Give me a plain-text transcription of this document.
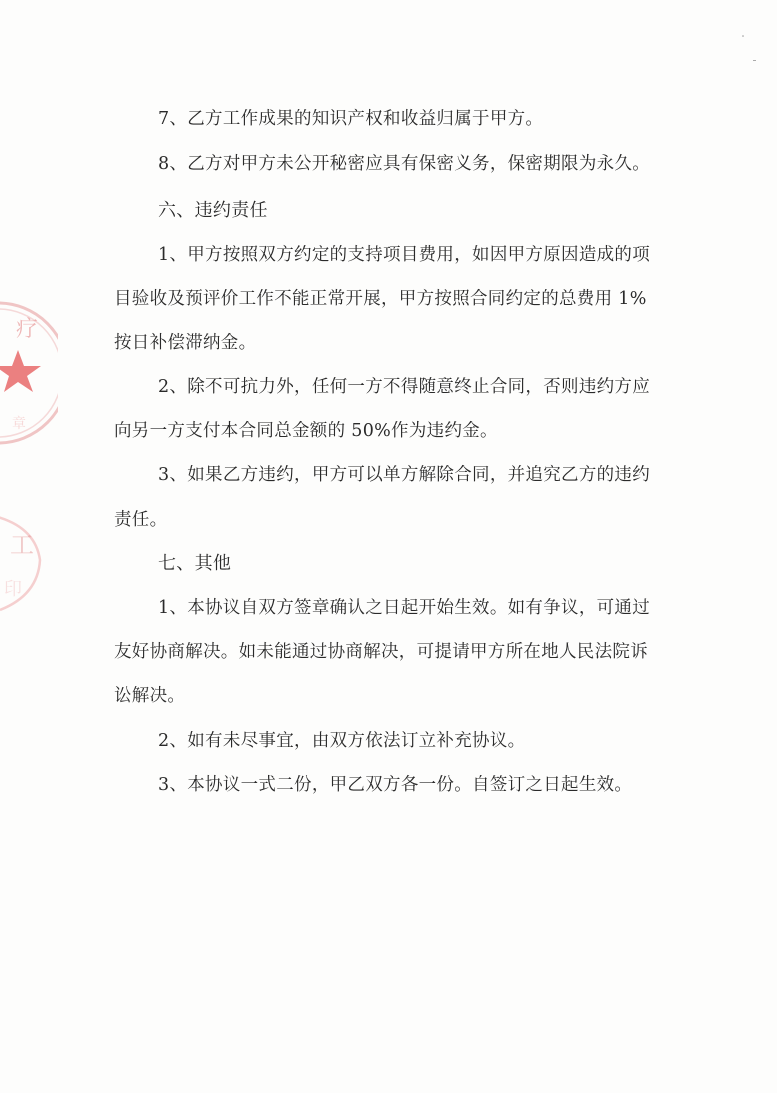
疗
章
工
印
7、乙方工作成果的知识产权和收益归属于甲方。
8、乙方对甲方未公开秘密应具有保密义务，保密期限为永久。
六、违约责任
1、甲方按照双方约定的支持项目费用，如因甲方原因造成的项
目验收及预评价工作不能正常开展，甲方按照合同约定的总费用 1%
按日补偿滞纳金。
2、除不可抗力外，任何一方不得随意终止合同，否则违约方应
向另一方支付本合同总金额的 50%作为违约金。
3、如果乙方违约，甲方可以单方解除合同，并追究乙方的违约
责任。
七、其他
1、本协议自双方签章确认之日起开始生效。如有争议，可通过
友好协商解决。如未能通过协商解决，可提请甲方所在地人民法院诉
讼解决。
2、如有未尽事宜，由双方依法订立补充协议。
3、本协议一式二份，甲乙双方各一份。自签订之日起生效。
